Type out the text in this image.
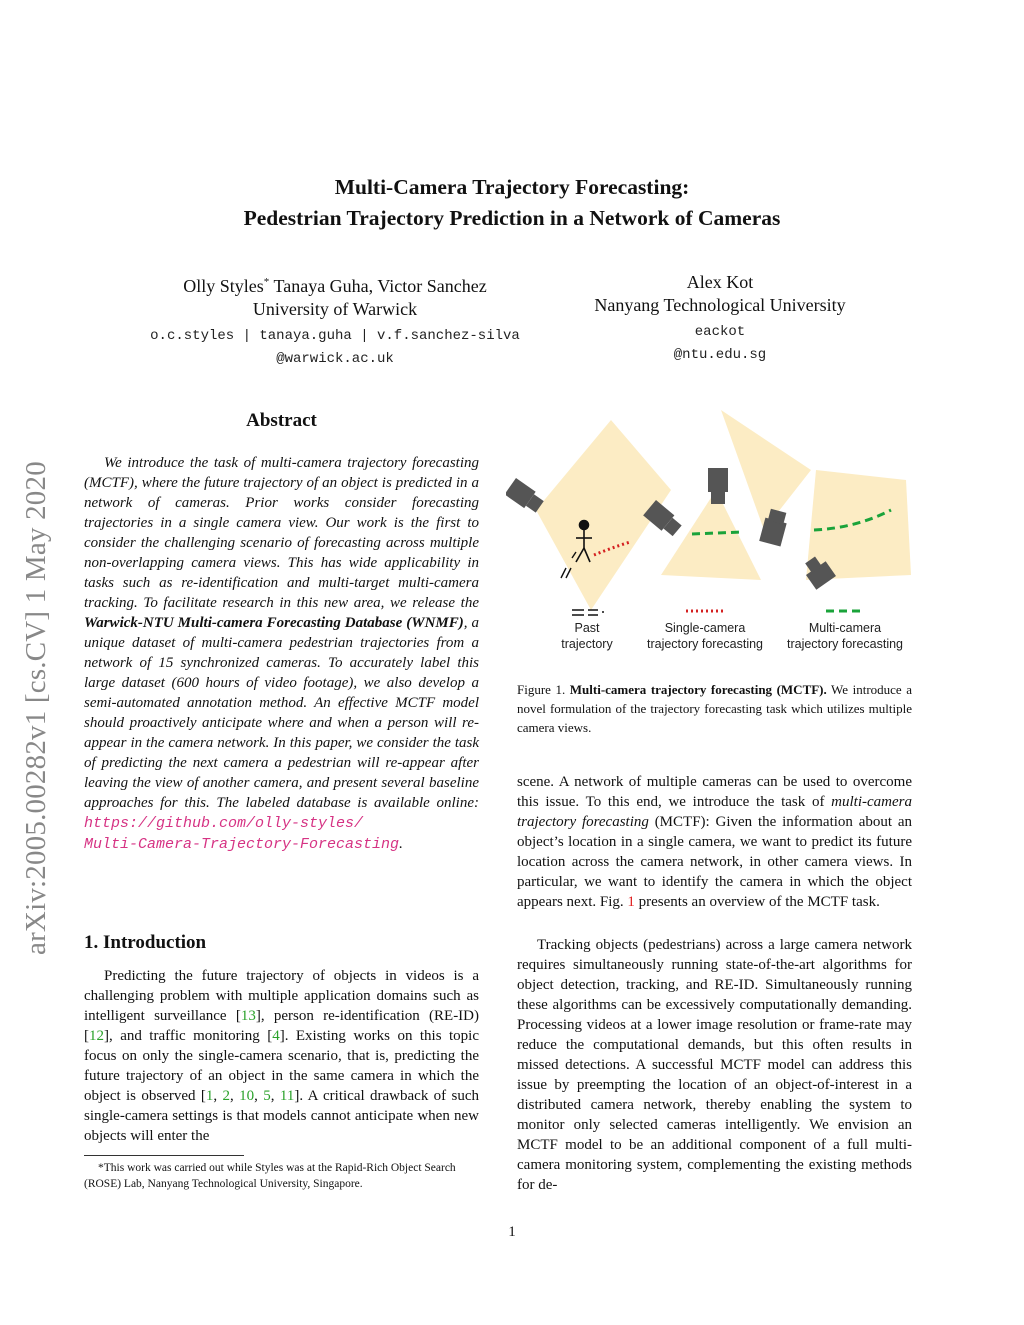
arXiv:2005.00282v1 [cs.CV] 1 May 2020
Multi-Camera Trajectory Forecasting:
Pedestrian Trajectory Prediction in a Network of Cameras
Olly Styles* Tanaya Guha, Victor Sanchez
University of Warwick
o.c.styles | tanaya.guha | v.f.sanchez-silva
@warwick.ac.uk
Alex Kot
Nanyang Technological University
eackot
@ntu.edu.sg
Abstract
We introduce the task of multi-camera trajectory forecasting (MCTF), where the future trajectory of an object is predicted in a network of cameras. Prior works consider forecasting trajectories in a single camera view. Our work is the first to consider the challenging scenario of forecasting across multiple non-overlapping camera views. This has wide applicability in tasks such as re-identification and multi-target multi-camera tracking. To facilitate research in this new area, we release the Warwick-NTU Multi-camera Forecasting Database (WNMF), a unique dataset of multi-camera pedestrian trajectories from a network of 15 synchronized cameras. To accurately label this large dataset (600 hours of video footage), we also develop a semi-automated annotation method. An effective MCTF model should proactively anticipate where and when a person will re-appear in the camera network. In this paper, we consider the task of predicting the next camera a pedestrian will re-appear after leaving the view of another camera, and present several baseline approaches for this. The labeled database is available online: https://github.com/olly-styles/
Multi-Camera-Trajectory-Forecasting.
1. Introduction
Predicting the future trajectory of objects in videos is a challenging problem with multiple application domains such as intelligent surveillance [13], person re-identification (RE-ID) [12], and traffic monitoring [4]. Existing works on this topic focus on only the single-camera scenario, that is, predicting the future trajectory of an object in the same camera in which the object is observed [1, 2, 10, 5, 11]. A critical drawback of such single-camera settings is that models cannot anticipate when new objects will enter the
*This work was carried out while Styles was at the Rapid-Rich Object Search (ROSE) Lab, Nanyang Technological University, Singapore.
Past
trajectory
Single-camera
trajectory forecasting
Multi-camera
trajectory forecasting
Figure 1. Multi-camera trajectory forecasting (MCTF). We introduce a novel formulation of the trajectory forecasting task which utilizes multiple camera views.
scene. A network of multiple cameras can be used to overcome this issue. To this end, we introduce the task of multi-camera trajectory forecasting (MCTF): Given the information about an object’s location in a single camera, we want to predict its future location across the camera network, in other camera views. In particular, we want to identify the camera in which the object appears next. Fig. 1 presents an overview of the MCTF task.
Tracking objects (pedestrians) across a large camera network requires simultaneously running state-of-the-art algorithms for object detection, tracking, and RE-ID. Simultaneously running these algorithms can be excessively computationally demanding. Processing videos at a lower image resolution or frame-rate may reduce the computational demands, but this often results in missed detections. A successful MCTF model can address this issue by preempting the location of an object-of-interest in a distributed camera network, thereby enabling the system to monitor only selected cameras intelligently. We envision an MCTF model to be an additional component of a full multi-camera monitoring system, complementing the existing methods for de-
1
